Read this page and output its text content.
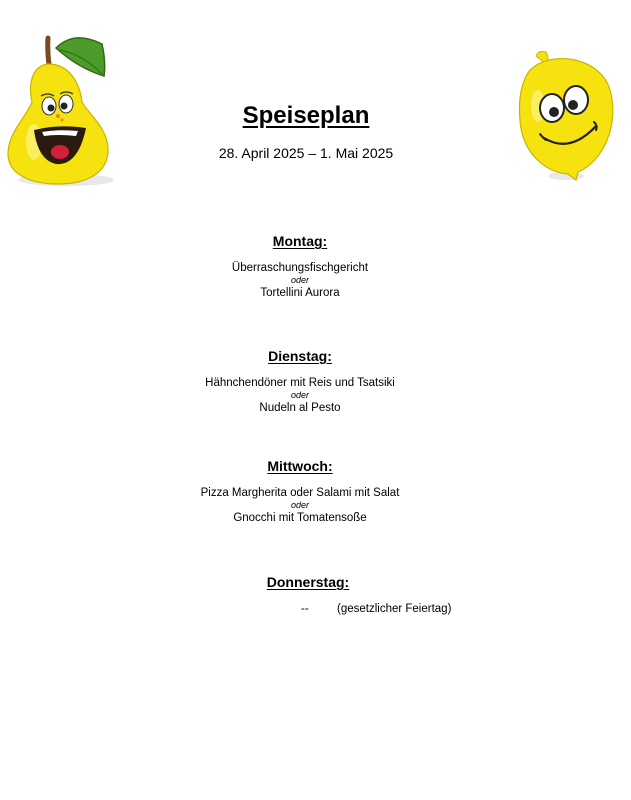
Speiseplan
28. April 2025 – 1. Mai 2025
Montag:
Überraschungsfischgericht
oder
Tortellini Aurora
Dienstag:
Hähnchendöner mit Reis und Tsatsiki
oder
Nudeln al Pesto
Mittwoch:
Pizza Margherita oder Salami mit Salat
oder
Gnocchi mit Tomatensoße
Donnerstag:
-- (gesetzlicher Feiertag)
